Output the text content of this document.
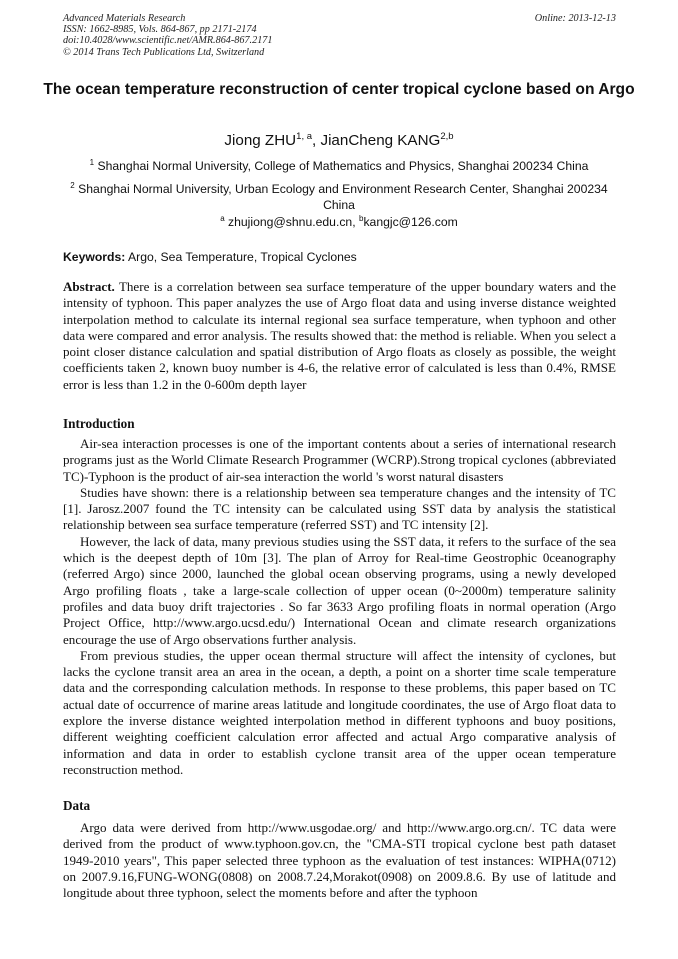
Advanced Materials Research
ISSN: 1662-8985, Vols. 864-867, pp 2171-2174
doi:10.4028/www.scientific.net/AMR.864-867.2171
© 2014 Trans Tech Publications Ltd, Switzerland
Online: 2013-12-13
The ocean temperature reconstruction of center tropical cyclone based on Argo
Jiong ZHU$^{1, a}$, JianCheng KANG$^{2,b}$
$^1$ Shanghai Normal University, College of Mathematics and Physics, Shanghai 200234 China
$^2$ Shanghai Normal University, Urban Ecology and Environment Research Center, Shanghai 200234 China
$^a$ zhujiong@shnu.edu.cn, $^b$kangjc@126.com
Keywords: Argo, Sea Temperature, Tropical Cyclones

Abstract. There is a correlation between sea surface temperature of the upper boundary waters and the intensity of typhoon. This paper analyzes the use of Argo float data and using inverse distance weighted interpolation method to calculate its internal regional sea surface temperature, when typhoon and other data were compared and error analysis. The results showed that: the method is reliable. When you select a point closer distance calculation and spatial distribution of Argo floats as closely as possible, the weight coefficients taken 2, known buoy number is 4-6, the relative error of calculated is less than 0.4%, RMSE error is less than 1.2 in the 0-600m depth layer

Introduction

Air-sea interaction processes is one of the important contents about a series of international research programs just as the World Climate Research Programmer (WCRP).Strong tropical cyclones (abbreviated TC)-Typhoon is the product of air-sea interaction the world 's worst natural disasters

Studies have shown: there is a relationship between sea temperature changes and the intensity of TC [1]. Jarosz.2007 found the TC intensity can be calculated using SST data by analysis the statistical relationship between sea surface temperature (referred SST) and TC intensity [2].

However, the lack of data, many previous studies using the SST data, it refers to the surface of the sea which is the deepest depth of 10m [3]. The plan of Arroy for Real-time Geostrophic 0ceanography (referred Argo) since 2000, launched the global ocean observing programs, using a newly developed Argo profiling floats , take a large-scale collection of upper ocean (0~2000m) temperature salinity profiles and data buoy drift trajectories . So far 3633 Argo profiling floats in normal operation (Argo Project Office, http://www.argo.ucsd.edu/) International Ocean and climate research organizations encourage the use of Argo observations further analysis.

From previous studies, the upper ocean thermal structure will affect the intensity of cyclones, but lacks the cyclone transit area an area in the ocean, a depth, a point on a shorter time scale temperature data and the corresponding calculation methods. In response to these problems, this paper based on TC actual date of occurrence of marine areas latitude and longitude coordinates, the use of Argo float data to explore the inverse distance weighted interpolation method in different typhoons and buoy positions, different weighting coefficient calculation error affected and actual Argo comparative analysis of information and data in order to establish cyclone transit area of the upper ocean temperature reconstruction method.

Data

Argo data were derived from http://www.usgodae.org/ and http://www.argo.org.cn/. TC data were derived from the product of www.typhoon.gov.cn, the "CMA-STI tropical cyclone best path dataset 1949-2010 years", This paper selected three typhoon as the evaluation of test instances: WIPHA(0712) on 2007.9.16,FUNG-WONG(0808) on 2008.7.24,Morakot(0908) on 2009.8.6. By use of latitude and longitude about three typhoon, select the moments before and after the typhoon
